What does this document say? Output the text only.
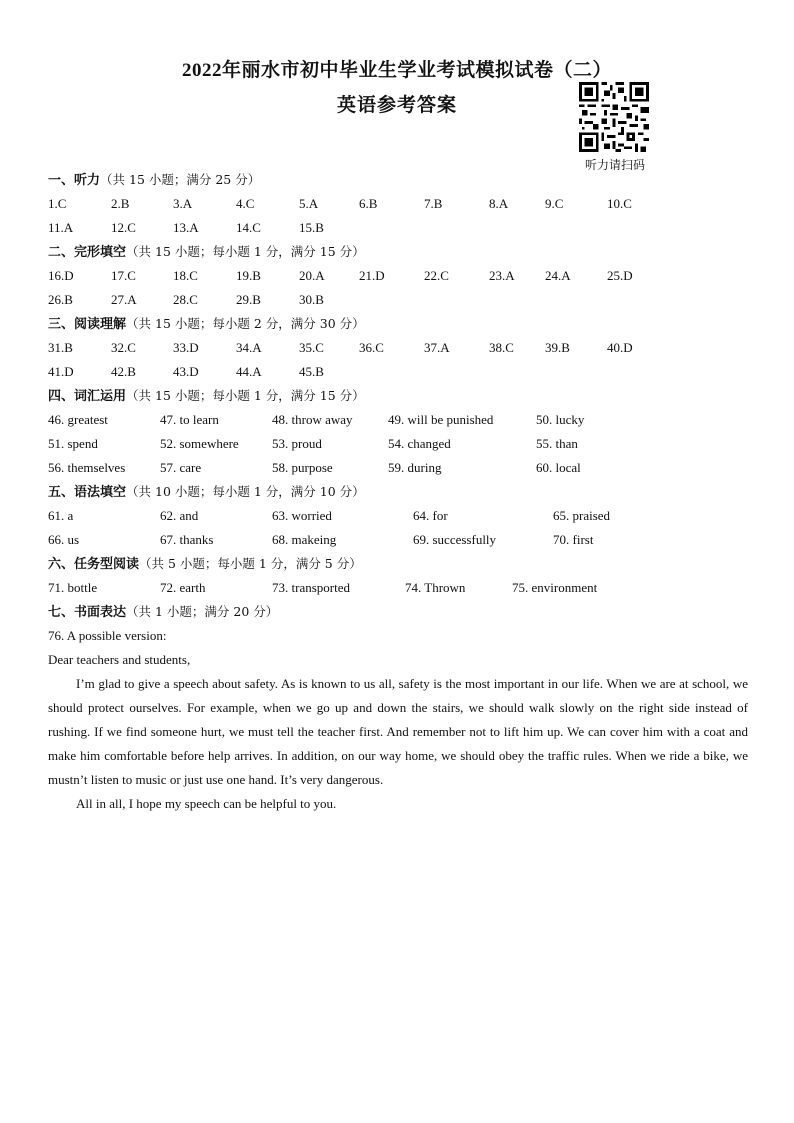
2022年丽水市初中毕业生学业考试模拟试卷（二）
英语参考答案
听力请扫码
一、听力（共 15 小题；满分 25 分）
1.C	2.B	3.A	4.C	5.A	6.B	7.B	8.A	9.C	10.C
11.A	12.C	13.A	14.C	15.B
二、完形填空（共 15 小题；每小题 1 分，满分 15 分）
16.D	17.C	18.C	19.B	20.A	21.D	22.C	23.A 24.A	25.D
26.B	27.A	28.C	29.B	30.B
三、阅读理解（共 15 小题；每小题 2 分，满分 30 分）
31.B	32.C	33.D	34.A	35.C	36.C	37.A	38.C 39.B	40.D
41.D	42.B	43.D	44.A	45.B
四、词汇运用（共 15 小题；每小题 1 分，满分 15 分）
46. greatest	47. to learn	48. throw away	49. will be punished	50. lucky
51. spend	52. somewhere	53. proud	54. changed	55. than
56. themselves	57. care	58. purpose	59. during	60. local
五、语法填空（共 10 小题；每小题 1 分，满分 10 分）
61. a	62. and	63. worried	64. for	65. praised
66. us	67. thanks	68. makeing	69. successfully	70. first
六、任务型阅读（共 5 小题；每小题 1 分，满分 5 分）
71. bottle	72. earth	73. transported	74. Thrown	75. environment
七、书面表达（共 1 小题；满分 20 分）
76. A possible version:
Dear teachers and students,

I’m glad to give a speech about safety. As is known to us all, safety is the most important in our life. When we are at school, we should protect ourselves. For example, when we go up and down the stairs, we should walk slowly on the right side instead of rushing. If we find someone hurt, we must tell the teacher first. And remember not to lift him up. We can cover him with a coat and make him comfortable before help arrives. In addition, on our way home, we should obey the traffic rules. When we ride a bike, we mustn’t listen to music or just use one hand. It’s very dangerous.

All in all, I hope my speech can be helpful to you.
